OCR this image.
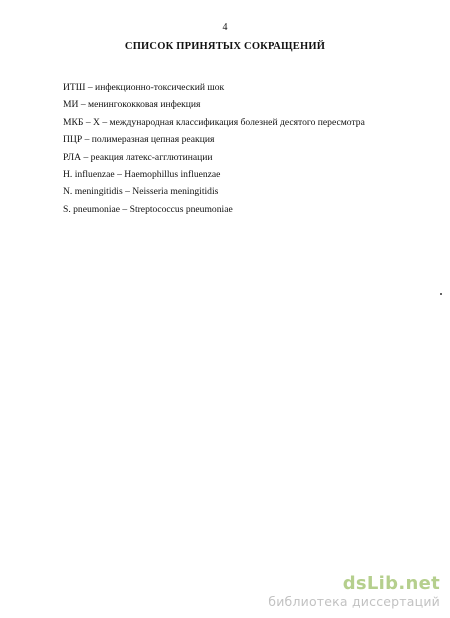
4
СПИСОК ПРИНЯТЫХ СОКРАЩЕНИЙ
ИТШ – инфекционно-токсический шок
МИ – менингококковая инфекция
МКБ – X – международная классификация болезней десятого пересмотра
ПЦР – полимеразная цепная реакция
РЛА – реакция латекс-агглютинации
H. influenzae – Haemophillus influenzae
N. meningitidis – Neisseria meningitidis
S. pneumoniae – Streptococcus pneumoniae
dsLib.net
библиотека диссертаций
